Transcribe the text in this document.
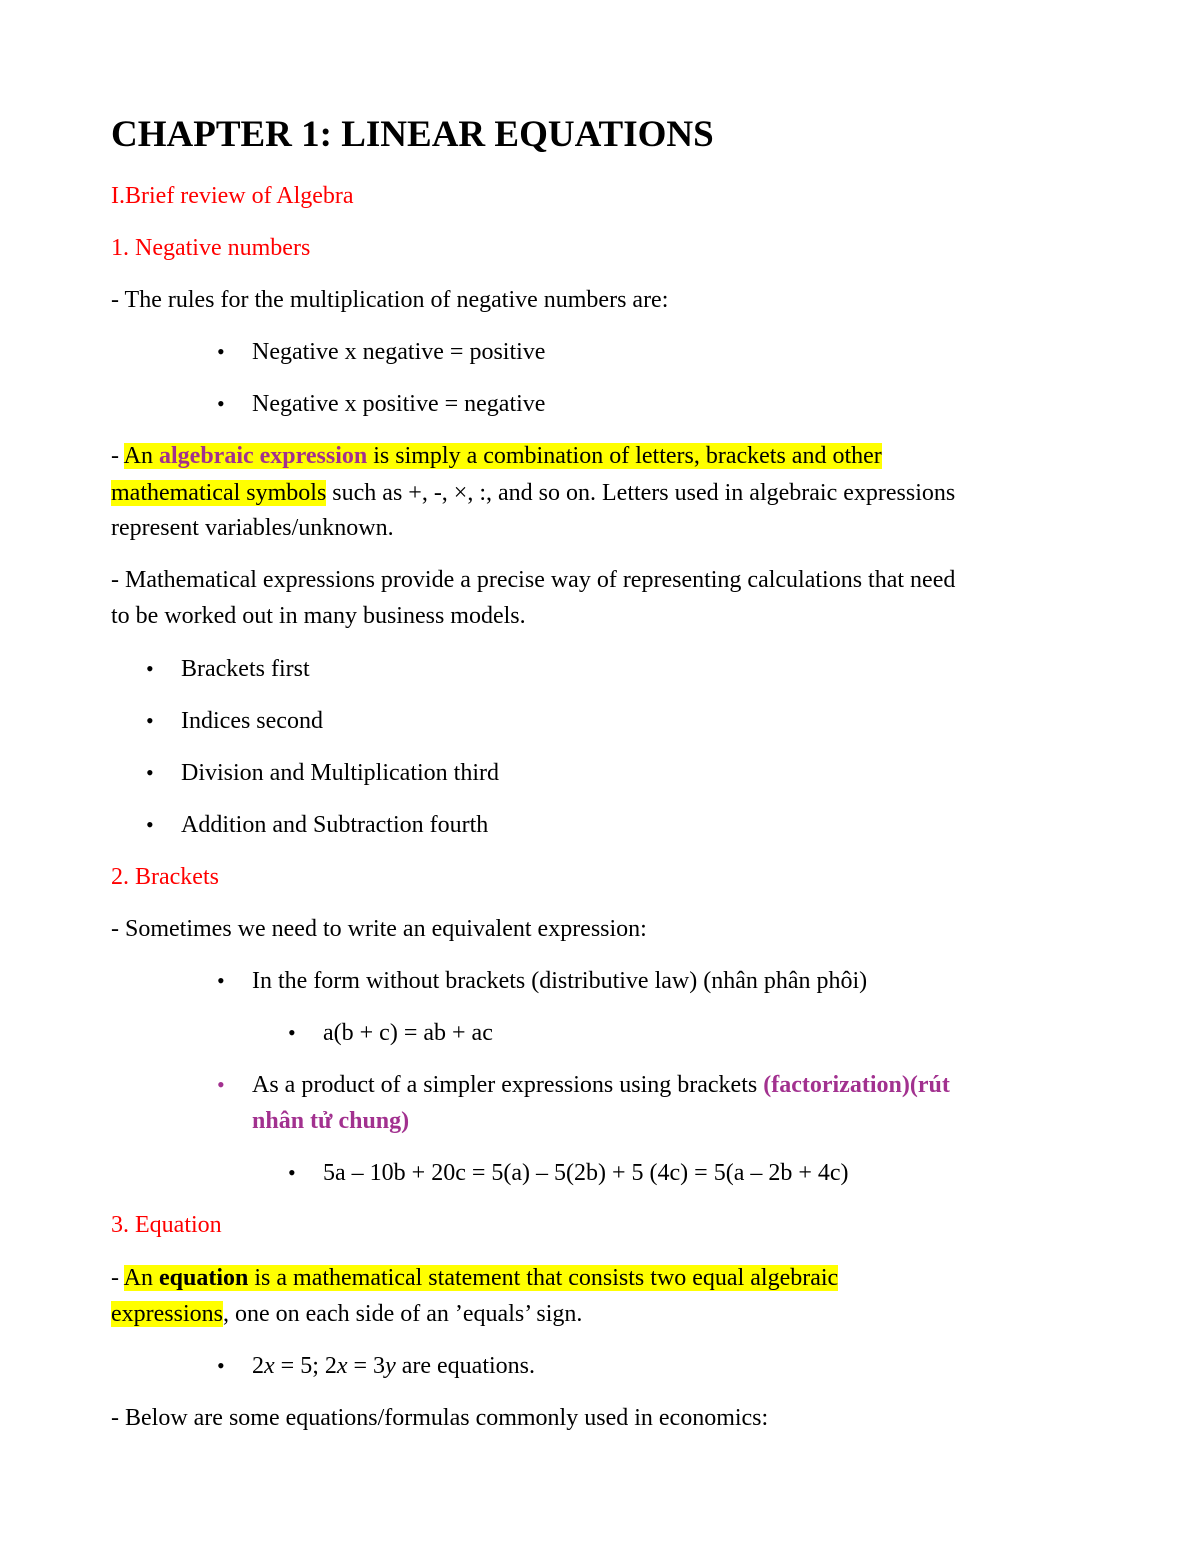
CHAPTER 1: LINEAR EQUATIONS
I.Brief review of Algebra
1. Negative numbers
- The rules for the multiplication of negative numbers are:
• Negative x negative = positive
• Negative x positive = negative
- An algebraic expression is simply a combination of letters, brackets and other
mathematical symbols such as +, -, ×, :, and so on. Letters used in algebraic expressions
represent variables/unknown.
- Mathematical expressions provide a precise way of representing calculations that need
to be worked out in many business models.
• Brackets first
• Indices second
• Division and Multiplication third
• Addition and Subtraction fourth
2. Brackets
- Sometimes we need to write an equivalent expression:
• In the form without brackets (distributive law) (nhân phân phôi)
• a(b + c) = ab + ac
• As a product of a simpler expressions using brackets (factorization)(rút
nhân tử chung)
• 5a – 10b + 20c = 5(a) – 5(2b) + 5 (4c) = 5(a – 2b + 4c)
3. Equation
- An equation is a mathematical statement that consists two equal algebraic
expressions, one on each side of an ’equals’ sign.
• 2x = 5; 2x = 3y are equations.
- Below are some equations/formulas commonly used in economics:
